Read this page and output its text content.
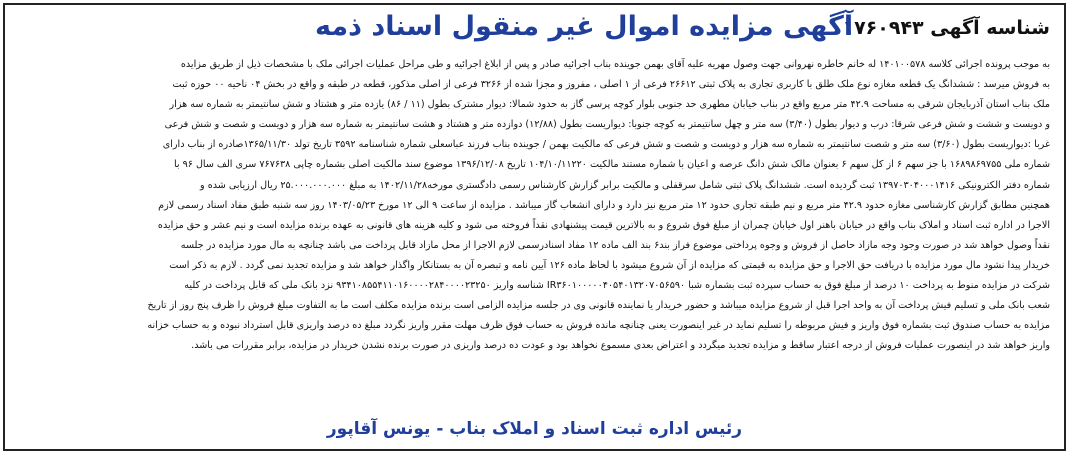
شناسه آگهی ۱۷۶۰۹۴۳
آگهی مزایده اموال غیر منقول اسناد ذمه
به موجب پرونده اجرائی کلاسه ۱۴۰۱۰۰۵۷۸ له خانم خاطره نهروانی جهت وصول مهریه علیه آقای بهمن جوینده بناب اجرائیه صادر و پس از ابلاغ اجرائیه و طی مراحل عملیات اجرائی ملک با مشخصات ذیل از طریق مزایده
به فروش میرسد : ششدانگ یک قطعه مغازه نوع ملک طلق با کاربری تجاری به پلاک ثبتی ۲۶۶۱۲ فرعی از ۱ اصلی ، مفروز و مجزا شده از ۳۲۶۶ فرعی از اصلی مذکور، قطعه در طبقه و واقع در بخش ۰۴ ناحیه ۰۰ حوزه ثبت
ملک بناب استان آذربایجان شرقی به مساحت ۴۲.۹ متر مربع واقع در بناب خیابان مطهری حد جنوبی بلوار کوچه پرسی گاز به حدود شمالا: دیوار مشترک بطول (۱۱ / ۸۶) یازده متر و هشتاد و شش سانتیمتر به شماره سه هزار
و دویست و ششت و شش فرعی شرقا: درب و دیوار بطول (۳/۴۰) سه متر و چهل سانتیمتر به کوچه جنوبا: دیواریست بطول (۱۲/۸۸) دوازده متر و هشتاد و هشت سانتیمتر به شماره سه هزار و دویست و شصت و شش فرعی
غربا :دیواریست بطول (۳/۶۰) سه متر و شصت سانتیمتر به شماره سه هزار و دویست و شصت و شش فرعی که مالکیت بهمن / جوینده بناب فرزند عباسعلی شماره شناسنامه ۳۵۹۲ تاریخ تولد ۱۳۶۵/۱۱/۳۰صادره از بناب دارای
شماره ملی ۱۶۸۹۸۶۹۷۵۵ با جز سهم ۶ از کل سهم ۶ بعنوان مالک شش دانگ عرصه و اعیان با شماره مستند مالکیت ۱۰۴/۱۰/۱۱۲۲۰ تاریخ ۱۳۹۶/۱۲/۰۸ موضوع سند مالکیت اصلی بشماره چاپی ۷۶۷۶۳۸ سری الف سال ۹۶ با
شماره دفتر الکترونیکی ۱۳۹۷۰۳۰۴۰۰۰۱۴۱۶ ثبت گردیده است. ششدانگ پلاک ثبتی شامل سرقفلی و مالکیت برابر گزارش کارشناس رسمی دادگستری مورخه۱۴۰۲/۱۱/۲۸ به مبلغ ۲۵.۰۰۰.۰۰۰.۰۰۰ ریال ارزیابی شده و
همچنین مطابق گزارش کارشناسی مغازه حدود ۴۲.۹ متر مربع و نیم طبقه تجاری حدود ۱۲ متر مربع نیز دارد و دارای انشعاب گاز میباشد . مزایده از ساعت ۹ الی ۱۲ مورخ ۱۴۰۳/۰۵/۲۳ روز سه شنبه طبق مفاد اسناد رسمی لازم
الاجرا در اداره ثبت اسناد و املاک بناب واقع در خیابان باهنر اول خیابان چمران از مبلغ فوق شروع و به بالاترین قیمت پیشنهادی نقداً فروخته می شود و کلیه هزینه های قانونی به عهده برنده مزایده است و نیم عشر و حق مزایده
نقداً وصول خواهد شد در صورت وجود وجه مازاد حاصل از فروش و وجوه پرداختی موضوع فراز بند۶ بند الف ماده ۱۲ مفاد اسنادرسمی لازم الاجرا از محل مازاد قابل پرداخت می باشد چنانچه به مال مورد مزایده در جلسه
خریدار پیدا نشود مال مورد مزایده با دریافت حق الاجرا و حق مزایده به قیمتی که مزایده از آن شروع میشود با لحاظ ماده ۱۲۶ آیین نامه و تبصره آن به بستانکار واگذار خواهد شد و مزایده تجدید نمی گردد . لازم به ذکر است
شرکت در مزایده منوط به پرداخت ۱۰ درصد از مبلغ فوق به حساب سپرده ثبت بشماره شبا IR۳۶۰۱۰۰۰۰۰۴۰۵۴۰۱۳۲۰۷۰۵۶۵۹۰ شناسه واریز ۹۳۴۱۰۸۵۵۴۱۱۰۱۶۰۰۰۰۲۸۴۰۰۰۰۲۳۲۵۰ نزد بانک ملی که قابل پرداخت در کلیه
شعب بانک ملی و تسلیم فیش پرداخت آن به واحد اجرا قبل از شروع مزایده میباشد و حضور خریدار یا نماینده قانونی وی در جلسه مزایده الزامی است برنده مزایده مکلف است ما به التفاوت مبلغ فروش را ظرف پنج روز از تاریخ
مزایده به حساب صندوق ثبت بشماره فوق واریز و فیش مربوطه را تسلیم نماید در غیر اینصورت یعنی چنانچه مانده فروش به حساب فوق ظرف مهلت مقرر واریز نگردد مبلغ ده درصد واریزی قابل استرداد نبوده و به حساب خزانه
واریز خواهد شد در اینصورت عملیات فروش از درجه اعتبار ساقط و مزایده تجدید میگردد و اعتراض بعدی مسموع نخواهد بود و عودت ده درصد واریزی در صورت برنده نشدن خریدار در مزایده، برابر مقررات می باشد.
رئیس اداره ثبت اسناد و املاک بناب - یونس آقاپور
